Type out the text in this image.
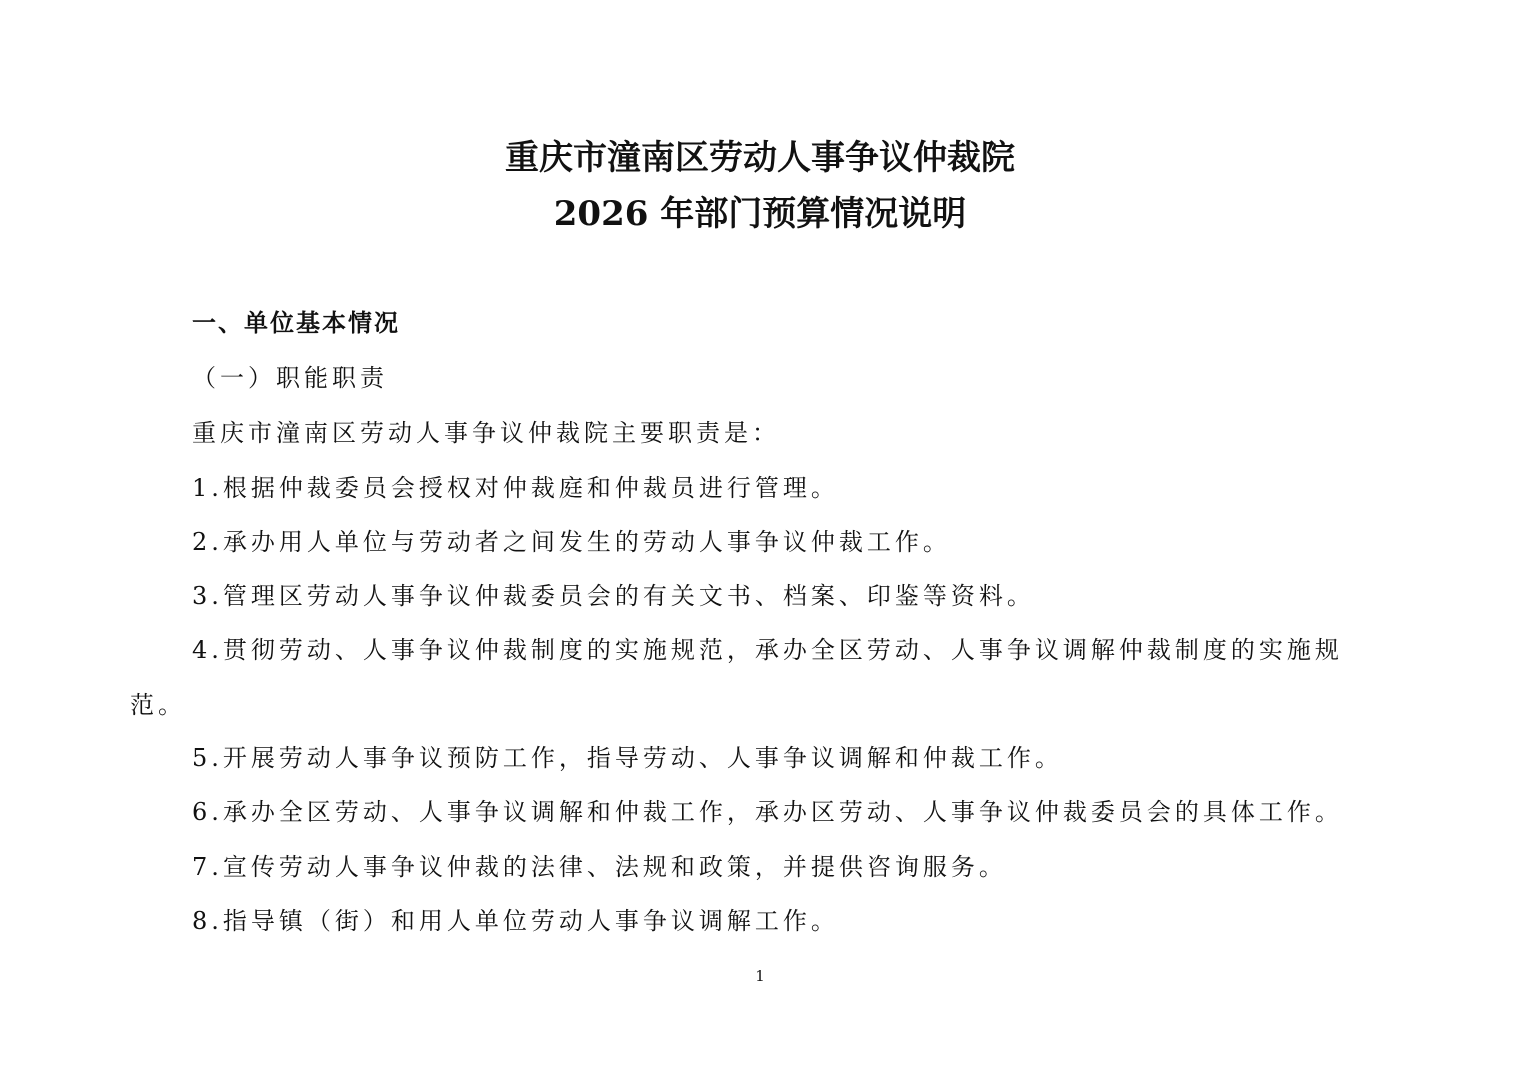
重庆市潼南区劳动人事争议仲裁院
2026 年部门预算情况说明
一、单位基本情况
（一）职能职责
重庆市潼南区劳动人事争议仲裁院主要职责是：
1.根据仲裁委员会授权对仲裁庭和仲裁员进行管理。
2.承办用人单位与劳动者之间发生的劳动人事争议仲裁工作。
3.管理区劳动人事争议仲裁委员会的有关文书、档案、印鉴等资料。
4.贯彻劳动、人事争议仲裁制度的实施规范，承办全区劳动、人事争议调解仲裁制度的实施规
范。
5.开展劳动人事争议预防工作，指导劳动、人事争议调解和仲裁工作。
6.承办全区劳动、人事争议调解和仲裁工作，承办区劳动、人事争议仲裁委员会的具体工作。
7.宣传劳动人事争议仲裁的法律、法规和政策，并提供咨询服务。
8.指导镇（街）和用人单位劳动人事争议调解工作。
1
